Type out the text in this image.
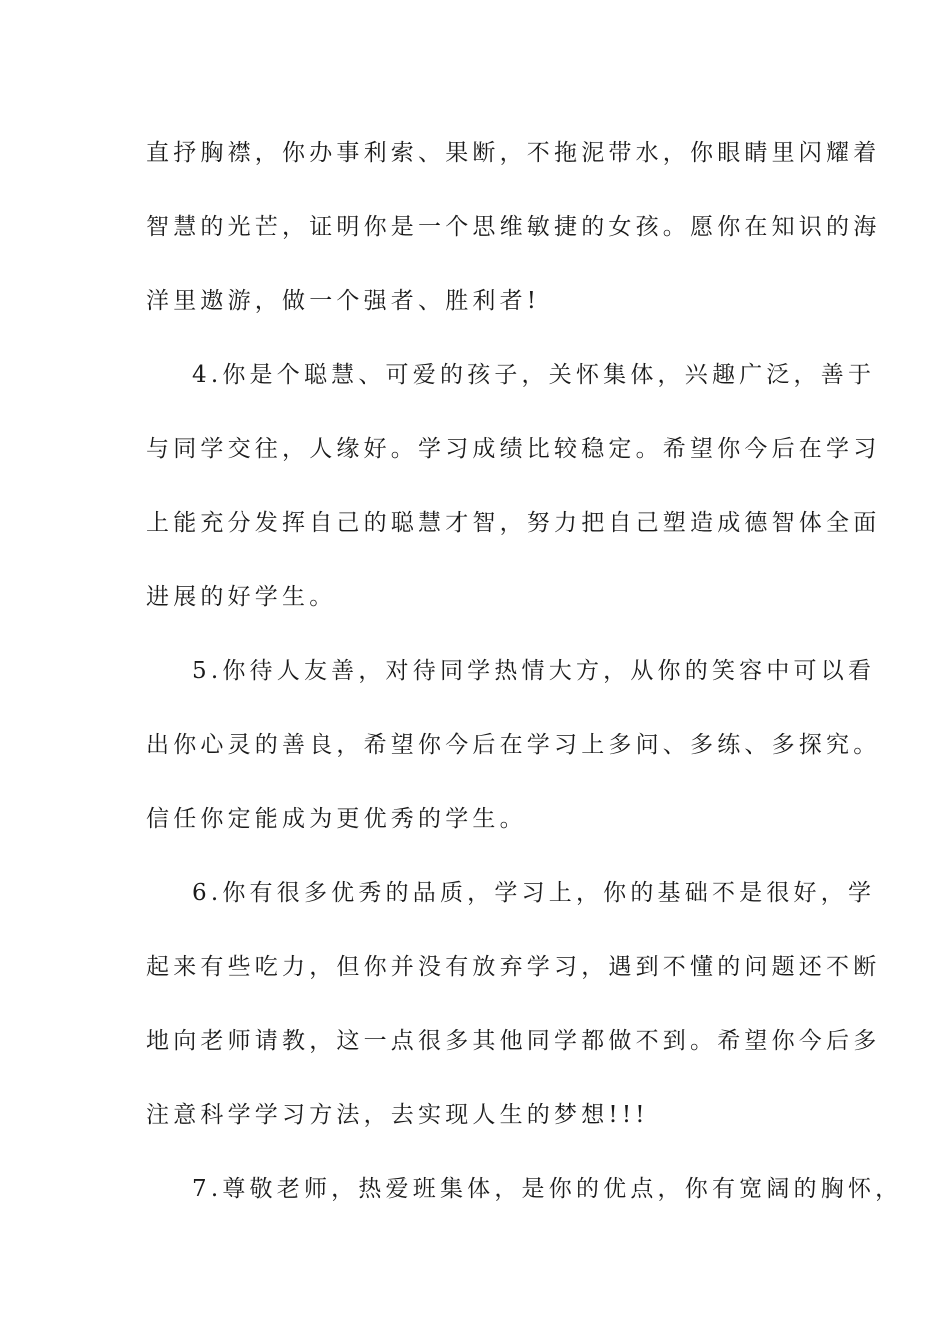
直抒胸襟，你办事利索、果断，不拖泥带水，你眼睛里闪耀着
智慧的光芒，证明你是一个思维敏捷的女孩。愿你在知识的海
洋里遨游，做一个强者、胜利者!
4.你是个聪慧、可爱的孩子，关怀集体，兴趣广泛，善于
与同学交往，人缘好。学习成绩比较稳定。希望你今后在学习
上能充分发挥自己的聪慧才智，努力把自己塑造成德智体全面
进展的好学生。
5.你待人友善，对待同学热情大方，从你的笑容中可以看
出你心灵的善良，希望你今后在学习上多问、多练、多探究。
信任你定能成为更优秀的学生。
6.你有很多优秀的品质，学习上，你的基础不是很好，学
起来有些吃力，但你并没有放弃学习，遇到不懂的问题还不断
地向老师请教，这一点很多其他同学都做不到。希望你今后多
注意科学学习方法，去实现人生的梦想!!!
7.尊敬老师，热爱班集体，是你的优点，你有宽阔的胸怀，
